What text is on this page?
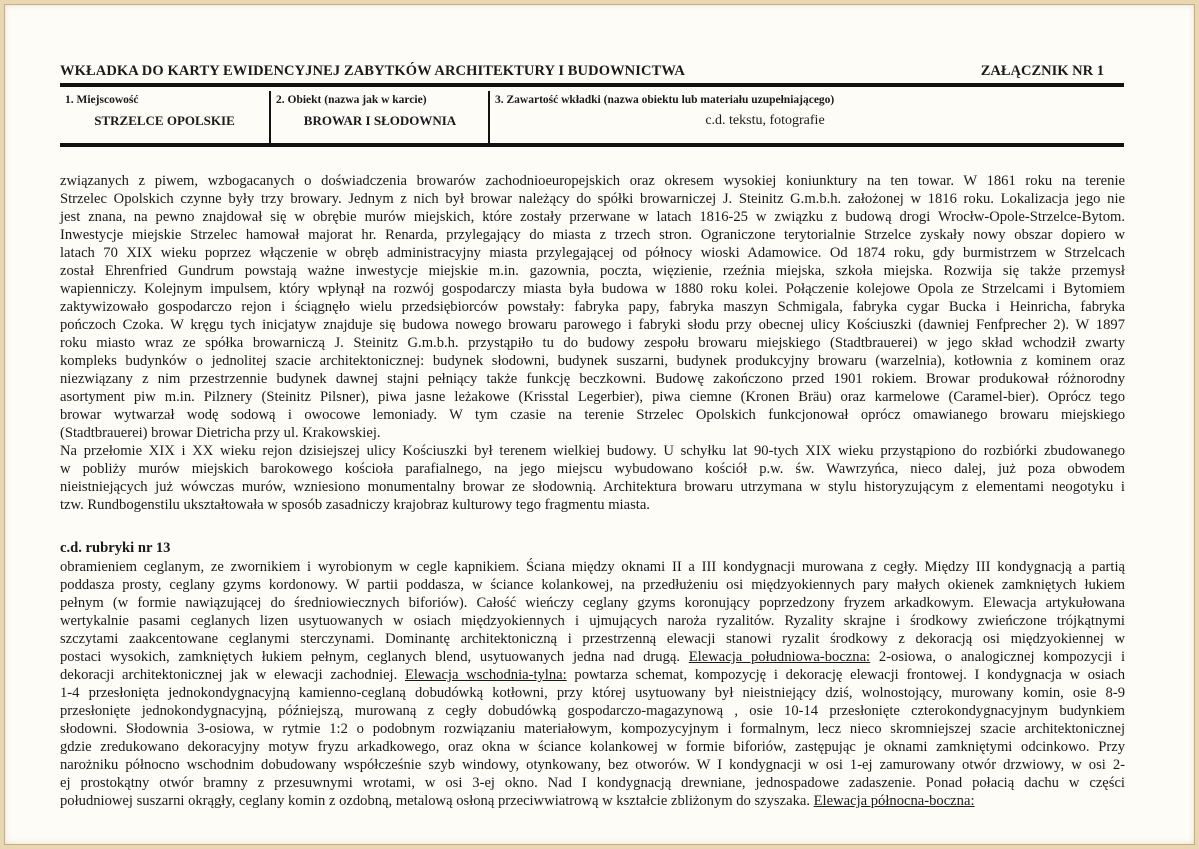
WKŁADKA DO KARTY EWIDENCYJNEJ ZABYTKÓW ARCHITEKTURY I BUDOWNICTWA	ZAŁĄCZNIK NR 1
1. Miejscowość
STRZELCE OPOLSKIE
2. Obiekt (nazwa jak w karcie)
BROWAR I SŁODOWNIA
3. Zawartość wkładki (nazwa obiektu lub materiału uzupełniającego)
c.d. tekstu, fotografie
związanych z piwem, wzbogacanych o doświadczenia browarów zachodnioeuropejskich oraz okresem wysokiej koniunktury na ten towar. W 1861 roku na terenie
Strzelec Opolskich czynne były trzy browary. Jednym z nich był browar należący do spółki browarniczej J. Steinitz G.m.b.h. założonej w 1816 roku. Lokalizacja jego nie
jest znana, na pewno znajdował się w obrębie murów miejskich, które zostały przerwane w latach 1816-25 w związku z budową drogi Wrocłw-Opole-Strzelce-Bytom.
Inwestycje miejskie Strzelec hamował majorat hr. Renarda, przylegający do miasta z trzech stron. Ograniczone terytorialnie Strzelce zyskały nowy obszar dopiero w
latach 70 XIX wieku poprzez włączenie w obręb administracyjny miasta przylegającej od północy wioski Adamowice. Od 1874 roku, gdy burmistrzem w Strzelcach
został Ehrenfried Gundrum powstają ważne inwestycje miejskie m.in. gazownia, poczta, więzienie, rzeźnia miejska, szkoła miejska. Rozwija się także przemysł
wapienniczy. Kolejnym impulsem, który wpłynął na rozwój gospodarczy miasta była budowa w 1880 roku kolei. Połączenie kolejowe Opola ze Strzelcami i Bytomiem
zaktywizowało gospodarczo rejon i ściągnęło wielu przedsiębiorców powstały: fabryka papy, fabryka maszyn Schmigala, fabryka cygar Bucka i Heinricha, fabryka
pończoch Czoka. W kręgu tych inicjatyw znajduje się budowa nowego browaru parowego i fabryki słodu przy obecnej ulicy Kościuszki (dawniej Fenfprecher 2). W 1897
roku miasto wraz ze spółka browarniczą J. Steinitz G.m.b.h. przystąpiło tu do budowy zespołu browaru miejskiego (Stadtbrauerei) w jego skład wchodził zwarty
kompleks budynków o jednolitej szacie architektonicznej: budynek słodowni, budynek suszarni, budynek produkcyjny browaru (warzelnia), kotłownia z kominem oraz
niezwiązany z nim przestrzennie budynek dawnej stajni pełniący także funkcję beczkowni. Budowę zakończono przed 1901 rokiem. Browar produkował różnorodny
asortyment piw m.in. Pilznery (Steinitz Pilsner), piwa jasne leżakowe (Krisstal Legerbier), piwa ciemne (Kronen Bräu) oraz karmelowe (Caramel-bier). Oprócz tego
browar wytwarzał wodę sodową i owocowe lemoniady. W tym czasie na terenie Strzelec Opolskich funkcjonował oprócz omawianego browaru miejskiego
(Stadtbrauerei) browar Dietricha przy ul. Krakowskiej.
Na przełomie XIX i XX wieku rejon dzisiejszej ulicy Kościuszki był terenem wielkiej budowy. U schyłku lat 90-tych XIX wieku przystąpiono do rozbiórki zbudowanego
w pobliży murów miejskich barokowego kościoła parafialnego, na jego miejscu wybudowano kościół p.w. św. Wawrzyńca, nieco dalej, już poza obwodem
nieistniejących już wówczas murów, wzniesiono monumentalny browar ze słodownią. Architektura browaru utrzymana w stylu historyzującym z elementami neogotyku i
tzw. Rundbogenstilu ukształtowała w sposób zasadniczy krajobraz kulturowy tego fragmentu miasta.
c.d. rubryki nr 13
obramieniem ceglanym, ze zwornikiem i wyrobionym w cegle kapnikiem. Ściana między oknami II a III kondygnacji murowana z cegły. Między III kondygnacją a partią
poddasza prosty, ceglany gzyms kordonowy. W partii poddasza, w ściance kolankowej, na przedłużeniu osi międzyokiennych pary małych okienek zamkniętych łukiem
pełnym (w formie nawiązującej do średniowiecznych biforiów). Całość wieńczy ceglany gzyms koronujący poprzedzony fryzem arkadkowym. Elewacja artykułowana
wertykalnie pasami ceglanych lizen usytuowanych w osiach międzyokiennych i ujmujących naroża ryzalitów. Ryzality skrajne i środkowy zwieńczone trójkątnymi
szczytami zaakcentowane ceglanymi sterczynami. Dominantę architektoniczną i przestrzenną elewacji stanowi ryzalit środkowy z dekoracją osi międzyokiennej w
postaci wysokich, zamkniętych łukiem pełnym, ceglanych blend, usytuowanych jedna nad drugą. Elewacja południowa-boczna: 2-osiowa, o analogicznej kompozycji i
dekoracji architektonicznej jak w elewacji zachodniej. Elewacja wschodnia-tylna: powtarza schemat, kompozycję i dekorację elewacji frontowej. I kondygnacja w osiach
1-4 przesłonięta jednokondygnacyjną kamienno-ceglaną dobudówką kotłowni, przy której usytuowany był nieistniejący dziś, wolnostojący, murowany komin, osie 8-9
przesłonięte jednokondygnacyjną, późniejszą, murowaną z cegły dobudówką gospodarczo-magazynową , osie 10-14 przesłonięte czterokondygnacyjnym budynkiem
słodowni. Słodownia 3-osiowa, w rytmie 1:2 o podobnym rozwiązaniu materiałowym, kompozycyjnym i formalnym, lecz nieco skromniejszej szacie architektonicznej
gdzie zredukowano dekoracyjny motyw fryzu arkadkowego, oraz okna w ściance kolankowej w formie biforiów, zastępując je oknami zamkniętymi odcinkowo. Przy
narożniku północno wschodnim dobudowany współcześnie szyb windowy, otynkowany, bez otworów. W I kondygnacji w osi 1-ej zamurowany otwór drzwiowy, w osi 2-
ej prostokątny otwór bramny z przesuwnymi wrotami, w osi 3-ej okno. Nad I kondygnacją drewniane, jednospadowe zadaszenie. Ponad połacią dachu w części
południowej suszarni okrągły, ceglany komin z ozdobną, metalową osłoną przeciwwiatrową w kształcie zbliżonym do szyszaka. Elewacja północna-boczna:
